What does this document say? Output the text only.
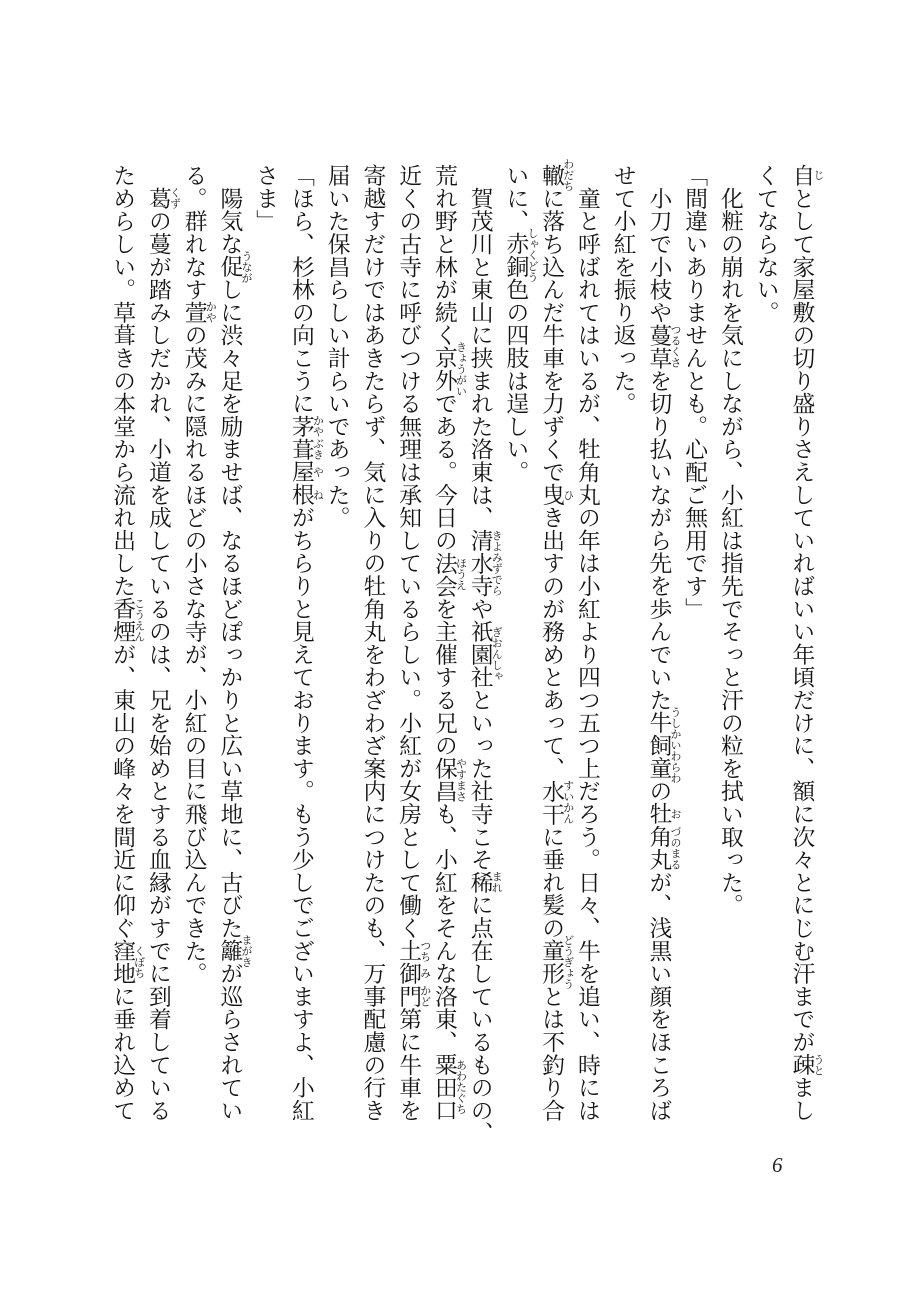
自
じ
として家屋敷の切り盛りさえしていればいい年頃だけに、額に次々とにじむ汗までが疎
うと
まし
くてならない。
　化粧の崩れを気にしながら、小紅は指先でそっと汗の粒を拭い取った。
「間違いありませんとも。心配ご無用です」
　小刀で小枝や蔓草
つるくさ
を切り払いながら先を歩んでいた牛飼童
うしかいわらわ
の牡
お
角
づの
丸
まる
が、浅黒い顔をほころば
せて小紅を振り返った。
　童と呼ばれてはいるが、牡角丸の年は小紅より四つ五つ上だろう。日々、牛を追い、時には
轍
わだち
に落ち込んだ牛車を力ずくで曳
ひ
き出すのが務めとあって、水干
すいかん
に垂れ髪の童形
どうぎょう
とは不釣り合
いに、赤銅
しゃくどう
色の四肢は逞しい。
　賀茂川と東山に挟まれた洛東は、清水寺
きよみずでら
や祇園社
ぎおんしゃ
といった社寺こそ稀
まれ
に点在しているものの、
荒れ野と林が続く京外
きょうがい
である。今日の法会
ほうえ
を主催する兄の保昌
やすまさ
も、小紅をそんな洛東、粟田口
あわたぐち
近くの古寺に呼びつける無理は承知しているらしい。小紅が女房として働く土
つち
御
み
門
かど
第に牛車を
寄越すだけではあきたらず、気に入りの牡角丸をわざわざ案内につけたのも、万事配慮の行き
届いた保昌らしい計らいであった。
「ほら、杉林の向こうに茅
かや
葺
ぶき
屋
や
根
ね
がちらりと見えております。もう少しでございますよ、小紅
さま」
　陽気な促
うなが
しに渋々足を励ませば、なるほどぽっかりと広い草地に、古びた籬
まがき
が巡らされてい
る。群れなす萱
かや
の茂みに隠れるほどの小さな寺が、小紅の目に飛び込んできた。
　葛
くず
の蔓が踏みしだかれ、小道を成しているのは、兄を始めとする血縁がすでに到着している
ためらしい。草葺きの本堂から流れ出した香煙
こうえん
が、東山の峰々を間近に仰ぐ窪地
くぼち
に垂れ込めて
6
